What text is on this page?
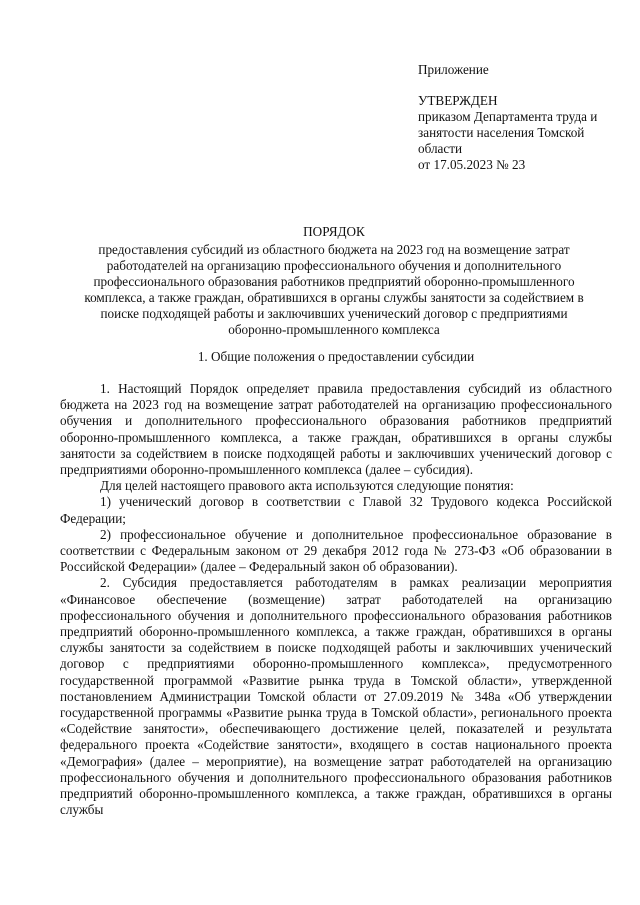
Приложение
УТВЕРЖДЕН
приказом Департамента труда и
занятости населения Томской
области
от 17.05.2023 № 23
ПОРЯДОК
предоставления субсидий из областного бюджета на 2023 год на возмещение затрат работодателей на организацию профессионального обучения и дополнительного профессионального образования работников предприятий оборонно-промышленного комплекса, а также граждан, обратившихся в органы службы занятости за содействием в поиске подходящей работы и заключивших ученический договор с предприятиями оборонно-промышленного комплекса
1. Общие положения о предоставлении субсидии

1. Настоящий Порядок определяет правила предоставления субсидий из областного бюджета на 2023 год на возмещение затрат работодателей на организацию профессионального обучения и дополнительного профессионального образования работников предприятий оборонно-промышленного комплекса, а также граждан, обратившихся в органы службы занятости за содействием в поиске подходящей работы и заключивших ученический договор с предприятиями оборонно-промышленного комплекса (далее – субсидия).

Для целей настоящего правового акта используются следующие понятия:

1) ученический договор в соответствии с Главой 32 Трудового кодекса Российской Федерации;

2) профессиональное обучение и дополнительное профессиональное образование в соответствии с Федеральным законом от 29 декабря 2012 года № 273-ФЗ «Об образовании в Российской Федерации» (далее – Федеральный закон об образовании).

2. Субсидия предоставляется работодателям в рамках реализации мероприятия «Финансовое обеспечение (возмещение) затрат работодателей на организацию профессионального обучения и дополнительного профессионального образования работников предприятий оборонно-промышленного комплекса, а также граждан, обратившихся в органы службы занятости за содействием в поиске подходящей работы и заключивших ученический договор с предприятиями оборонно-промышленного комплекса», предусмотренного государственной программой «Развитие рынка труда в Томской области», утвержденной постановлением Администрации Томской области от 27.09.2019 № 348а «Об утверждении государственной программы «Развитие рынка труда в Томской области», регионального проекта «Содействие занятости», обеспечивающего достижение целей, показателей и результата федерального проекта «Содействие занятости», входящего в состав национального проекта «Демография» (далее – мероприятие), на возмещение затрат работодателей на организацию профессионального обучения и дополнительного профессионального образования работников предприятий оборонно-промышленного комплекса, а также граждан, обратившихся в органы службы
